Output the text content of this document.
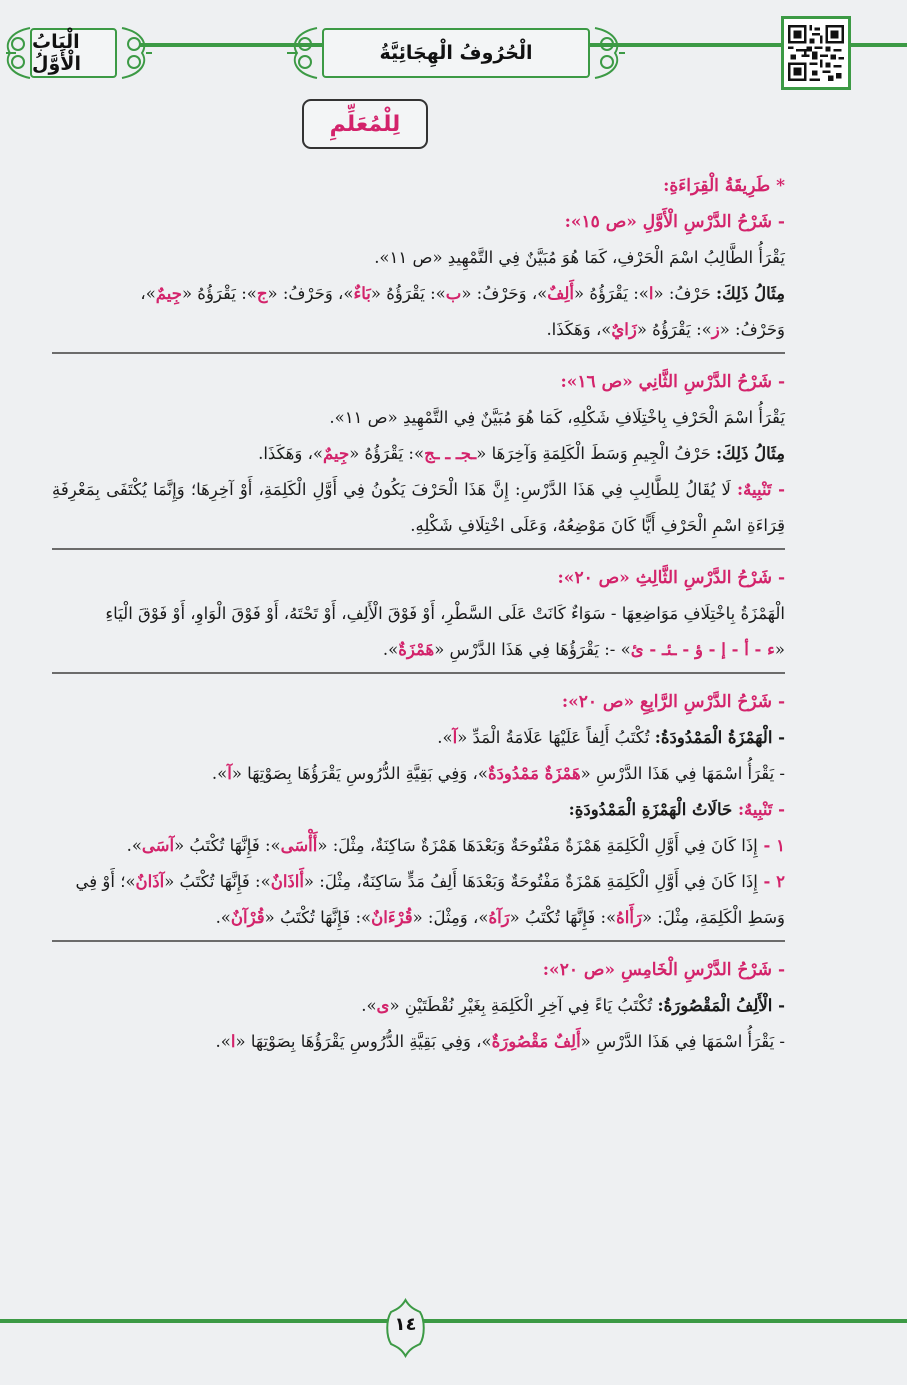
الْبَابُ الْأَوَّلُ	الْحُرُوفُ الْهِجَائِيَّةُ
لِلْمُعَلِّمِ
* طَرِيقَةُ الْقِرَاءَةِ:
- شَرْحُ الدَّرْسِ الْأَوَّلِ «ص ١٥»:
يَقْرَأُ الطَّالِبُ اسْمَ الْحَرْفِ، كَمَا هُوَ مُبَيَّنٌ فِي التَّمْهِيدِ «ص ١١».
مِثَالُ ذَلِكَ: حَرْفُ: «ا»: يَقْرَؤُهُ «أَلِفٌ»، وَحَرْفُ: «ب»: يَقْرَؤُهُ «بَاءٌ»، وَحَرْفُ: «ج»: يَقْرَؤُهُ «جِيمٌ»،
وَحَرْفُ: «ز»: يَقْرَؤُهُ «زَايٌ»، وَهَكَذَا.
- شَرْحُ الدَّرْسِ الثَّانِي «ص ١٦»:
يَقْرَأُ اسْمَ الْحَرْفِ بِاخْتِلَافِ شَكْلِهِ، كَمَا هُوَ مُبَيَّنٌ فِي التَّمْهِيدِ «ص ١١».
مِثَالُ ذَلِكَ: حَرْفُ الْجِيمِ وَسَطَ الْكَلِمَةِ وَآخِرَهَا «ـجـ ـ ـج»: يَقْرَؤُهُ «جِيمٌ»، وَهَكَذَا.
- تَنْبِيهٌ: لَا يُقَالُ لِلطَّالِبِ فِي هَذَا الدَّرْسِ: إِنَّ هَذَا الْحَرْفَ يَكُونُ فِي أَوَّلِ الْكَلِمَةِ، أَوْ آخِرِهَا؛ وَإِنَّمَا يُكْتَفَى بِمَعْرِفَةِ قِرَاءَةِ اسْمِ الْحَرْفِ أَيًّا كَانَ مَوْضِعُهُ، وَعَلَى اخْتِلَافِ شَكْلِهِ.
- شَرْحُ الدَّرْسِ الثَّالِثِ «ص ٢٠»:
الْهَمْزَةُ بِاخْتِلَافِ مَوَاضِعِهَا - سَوَاءٌ كَانَتْ عَلَى السَّطْرِ، أَوْ فَوْقَ الْأَلِفِ، أَوْ تَحْتَهُ، أَوْ فَوْقَ الْوَاوِ، أَوْ فَوْقَ الْيَاءِ
«ء - أ - إ - ؤ - ـئـ - ئ» -: يَقْرَؤُهَا فِي هَذَا الدَّرْسِ «هَمْزَةٌ».
- شَرْحُ الدَّرْسِ الرَّابِعِ «ص ٢٠»:
- الْهَمْزَةُ الْمَمْدُودَةُ: تُكْتَبُ أَلِفاً عَلَيْهَا عَلَامَةُ الْمَدِّ «آ».
- يَقْرَأُ اسْمَهَا فِي هَذَا الدَّرْسِ «هَمْزَةٌ مَمْدُودَةٌ»، وَفِي بَقِيَّةِ الدُّرُوسِ يَقْرَؤُهَا بِصَوْتِهَا «آ».
- تَنْبِيهٌ: حَالَاتُ الْهَمْزَةِ الْمَمْدُودَةِ:
١ - إِذَا كَانَ فِي أَوَّلِ الْكَلِمَةِ هَمْزَةٌ مَفْتُوحَةٌ وَبَعْدَهَا هَمْزَةٌ سَاكِنَةٌ، مِثْلَ: «أَأْسَى»: فَإِنَّهَا تُكْتَبُ «آسَى».
٢ - إِذَا كَانَ فِي أَوَّلِ الْكَلِمَةِ هَمْزَةٌ مَفْتُوحَةٌ وَبَعْدَهَا أَلِفُ مَدٍّ سَاكِنَةٌ، مِثْلَ: «أَاذَانٌ»: فَإِنَّهَا تُكْتَبُ «آذَانٌ»؛ أَوْ فِي
وَسَطِ الْكَلِمَةِ، مِثْلَ: «رَأَاهُ»: فَإِنَّهَا تُكْتَبُ «رَآهُ»، وَمِثْلَ: «قُرْءَانٌ»: فَإِنَّهَا تُكْتَبُ «قُرْآنٌ».
- شَرْحُ الدَّرْسِ الْخَامِسِ «ص ٢٠»:
- الْأَلِفُ الْمَقْصُورَةُ: تُكْتَبُ يَاءً فِي آخِرِ الْكَلِمَةِ بِغَيْرِ نُقْطَتَيْنِ «ى».
- يَقْرَأُ اسْمَهَا فِي هَذَا الدَّرْسِ «أَلِفٌ مَقْصُورَةٌ»، وَفِي بَقِيَّةِ الدُّرُوسِ يَقْرَؤُهَا بِصَوْتِهَا «ا».
١٤
